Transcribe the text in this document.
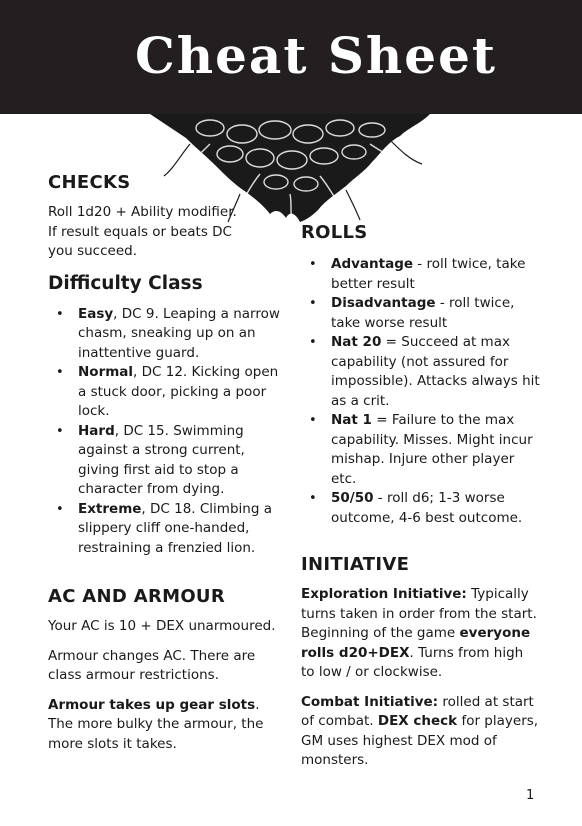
Cheat Sheet
CHECKS

Roll 1d20 + Ability modifier.

If result equals or beats DC

you succeed.

Difficulty Class
• Easy, DC 9. Leaping a narrow chasm, sneaking up on an inattentive guard.
• Normal, DC 12. Kicking open a stuck door, picking a poor lock.
• Hard, DC 15. Swimming against a strong current, giving first aid to stop a character from dying.
• Extreme, DC 18. Climbing a slippery cliff one-handed, restraining a frenzied lion.
AC AND ARMOUR

Your AC is 10 + DEX unarmoured.

Armour changes AC. There are class armour restrictions.

Armour takes up gear slots. The more bulky the armour, the more slots it takes.

ROLLS
• Advantage - roll twice, take better result
• Disadvantage - roll twice, take worse result
• Nat 20 = Succeed at max capability (not assured for impossible). Attacks always hit as a crit.
• Nat 1 = Failure to the max capability. Misses. Might incur mishap. Injure other player etc.
• 50/50 - roll d6; 1-3 worse outcome, 4-6 best outcome.
INITIATIVE

Exploration Initiative: Typically turns taken in order from the start. Beginning of the game everyone rolls d20+DEX. Turns from high to low / or clockwise.

Combat Initiative: rolled at start of combat. DEX check for players, GM uses highest DEX mod of monsters.

1
